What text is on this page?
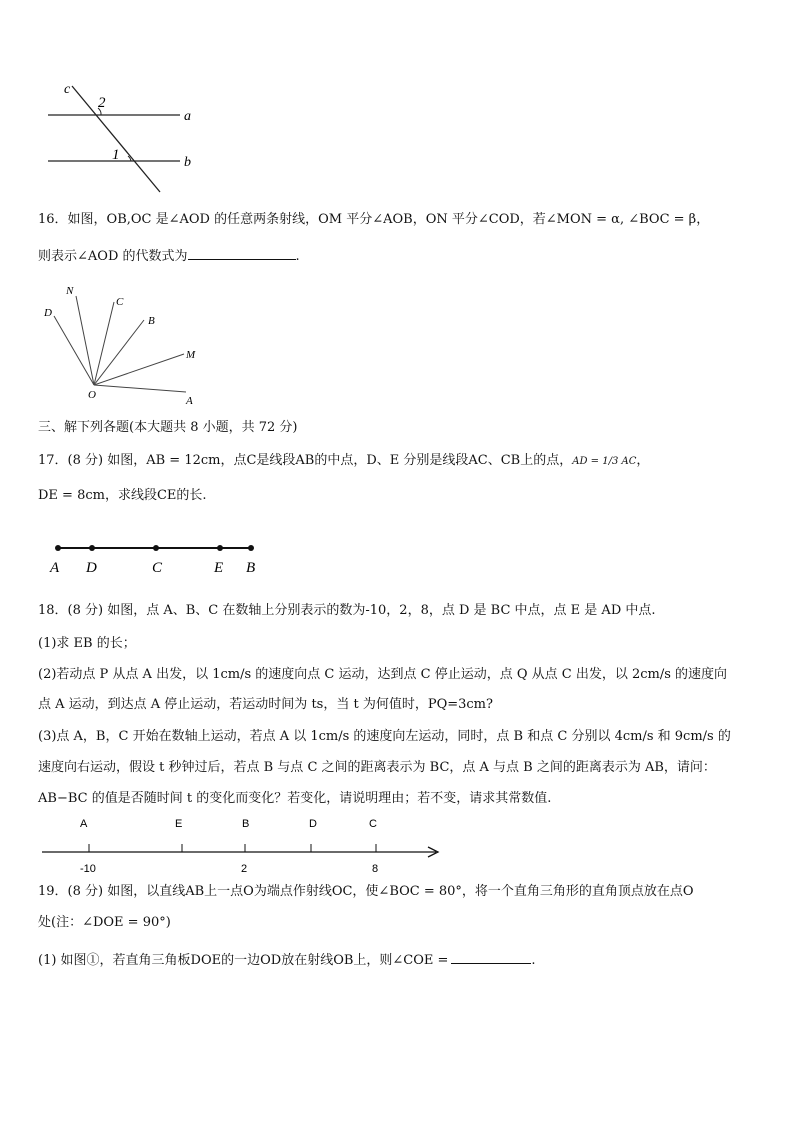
c
2
a
1	b
16．如图，OB,OC 是∠AOD 的任意两条射线，OM 平分∠AOB，ON 平分∠COD，若∠MON = α, ∠BOC = β，
则表示∠AOD 的代数式为	.
N
C
D
B
M
O	A
三、解下列各题(本大题共 8 小题，共 72 分)
17．(8 分) 如图，AB = 12cm，点C是线段AB的中点，D、E 分别是线段AC、CB上的点，AD = 1/3 AC，
DE = 8cm，求线段CE的长.
A D	C	E B
18．(8 分) 如图，点 A、B、C 在数轴上分别表示的数为-10，2，8，点 D 是 BC 中点，点 E 是 AD 中点.
(1)求 EB 的长；
(2)若动点 P 从点 A 出发，以 1cm/s 的速度向点 C 运动，达到点 C 停止运动，点 Q 从点 C 出发，以 2cm/s 的速度向
点 A 运动，到达点 A 停止运动，若运动时间为 ts，当 t 为何值时，PQ=3cm?
(3)点 A，B，C 开始在数轴上运动，若点 A 以 1cm/s 的速度向左运动，同时，点 B 和点 C 分别以 4cm/s 和 9cm/s 的
速度向右运动，假设 t 秒钟过后，若点 B 与点 C 之间的距离表示为 BC，点 A 与点 B 之间的距离表示为 AB，请问：
AB−BC 的值是否随时间 t 的变化而变化？若变化，请说明理由；若不变，请求其常数值.
A	E	B	D	C
-10	2	8
19．(8 分) 如图，以直线AB上一点O为端点作射线OC，使∠BOC = 80°，将一个直角三角形的直角顶点放在点O
处(注：∠DOE = 90°)
(1) 如图①，若直角三角板DOE的一边OD放在射线OB上，则∠COE =	.
